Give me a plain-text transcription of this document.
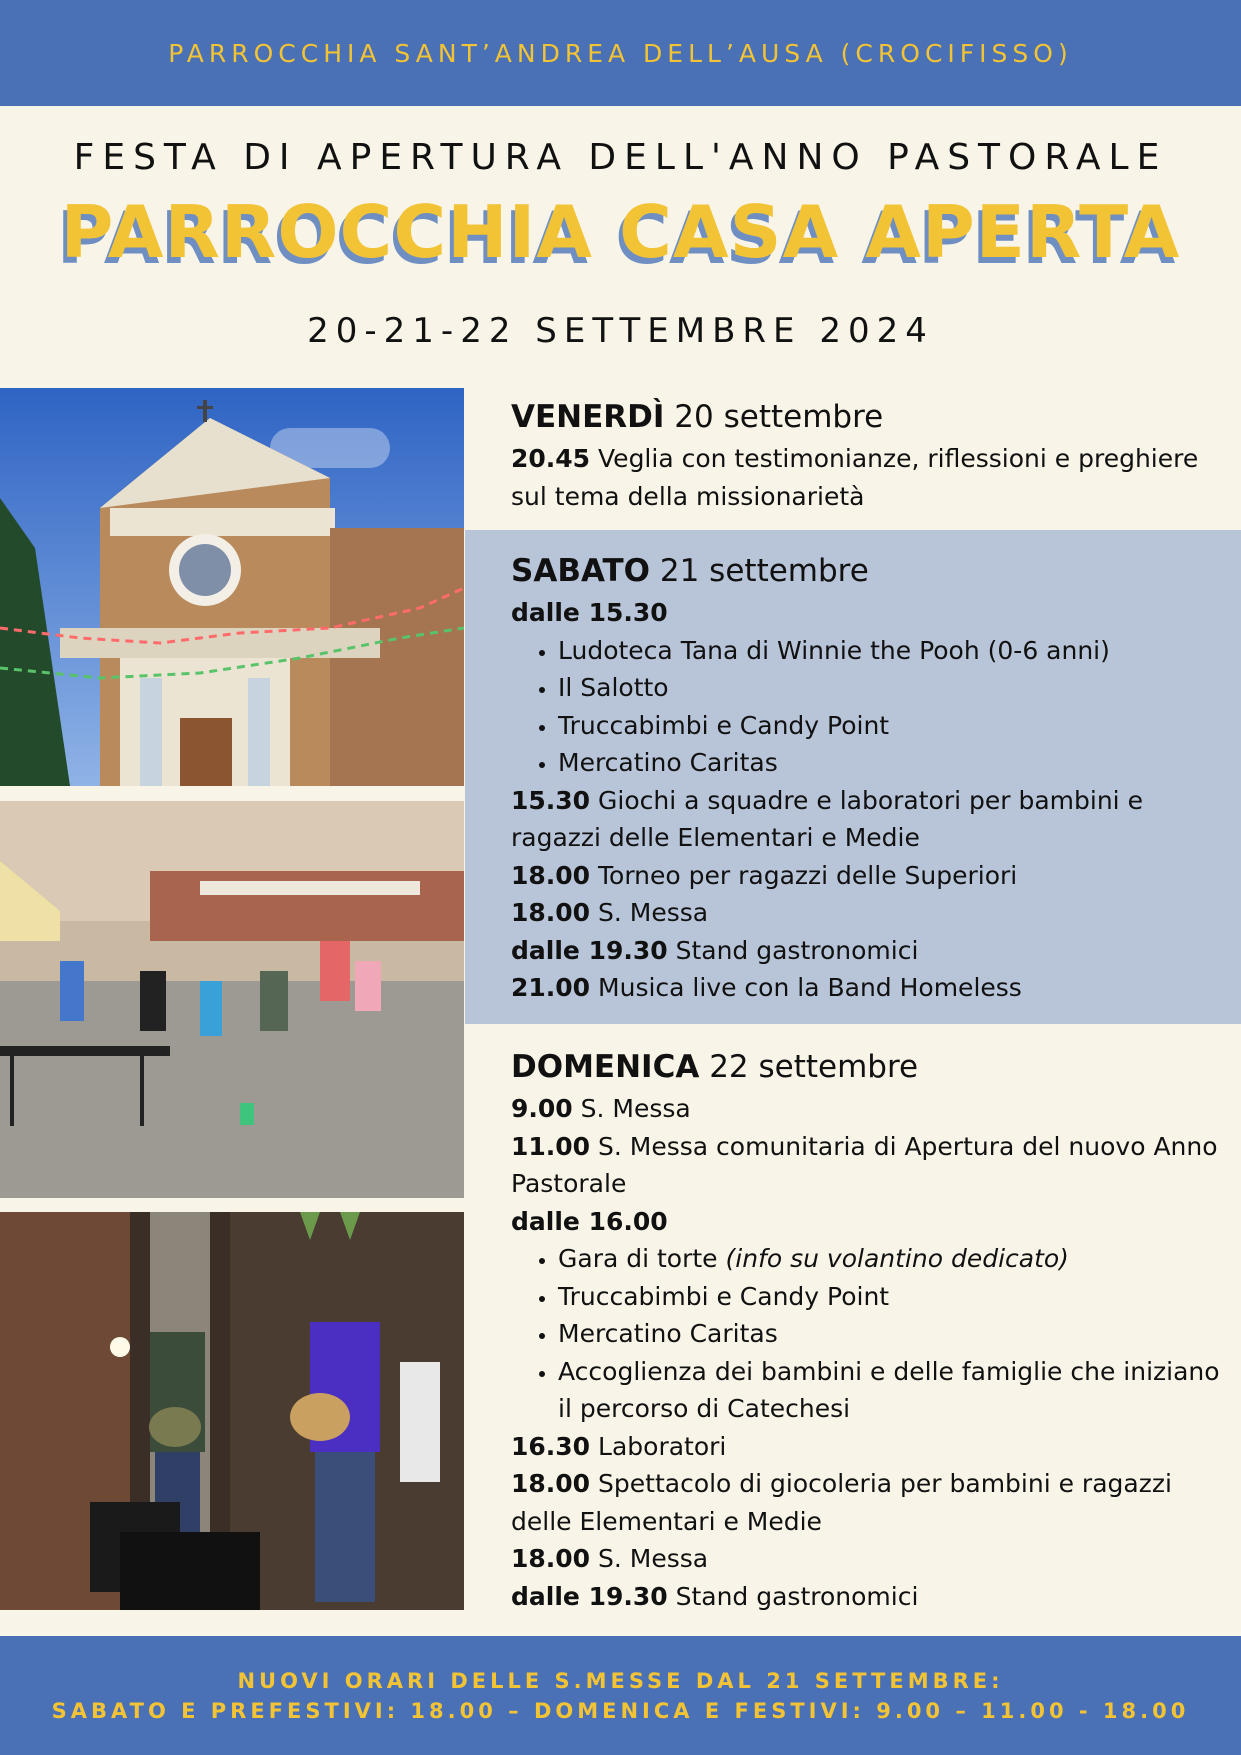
PARROCCHIA SANT’ANDREA DELL’AUSA (CROCIFISSO)
FESTA DI APERTURA DELL'ANNO PASTORALE
PARROCCHIA CASA APERTA
20-21-22 SETTEMBRE 2024
VENERDÌ 20 settembre
20.45 Veglia con testimonianze, riflessioni e preghiere sul tema della missionarietà
SABATO 21 settembre
dalle 15.30
• Ludoteca Tana di Winnie the Pooh (0-6 anni)
• Il Salotto
• Truccabimbi e Candy Point
• Mercatino Caritas
15.30 Giochi a squadre e laboratori per bambini e ragazzi delle Elementari e Medie
18.00 Torneo per ragazzi delle Superiori
18.00 S. Messa
dalle 19.30 Stand gastronomici
21.00 Musica live con la Band Homeless
DOMENICA 22 settembre
9.00 S. Messa
11.00 S. Messa comunitaria di Apertura del nuovo Anno Pastorale
dalle 16.00
• Gara di torte (info su volantino dedicato)
• Truccabimbi e Candy Point
• Mercatino Caritas
• Accoglienza dei bambini e delle famiglie che iniziano il percorso di Catechesi
16.30 Laboratori
18.00 Spettacolo di giocoleria per bambini e ragazzi delle Elementari e Medie
18.00 S. Messa
dalle 19.30 Stand gastronomici
NUOVI ORARI DELLE S.MESSE DAL 21 SETTEMBRE:
SABATO E PREFESTIVI: 18.00 – DOMENICA E FESTIVI: 9.00 – 11.00 - 18.00
